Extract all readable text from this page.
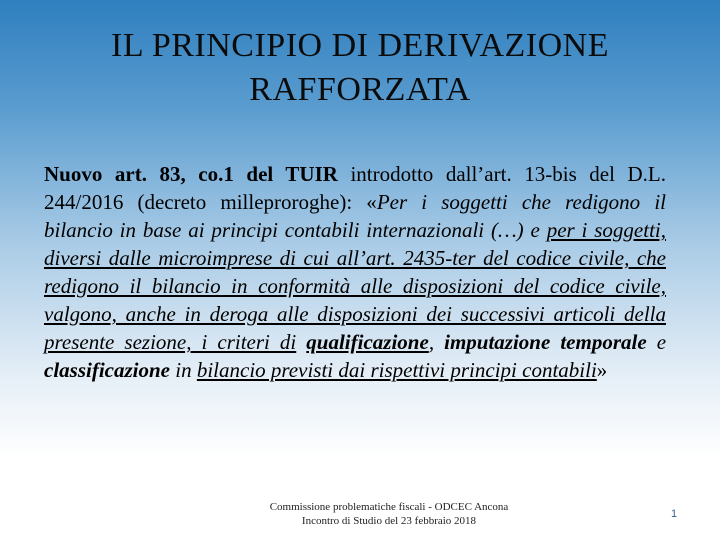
IL PRINCIPIO DI DERIVAZIONE
RAFFORZATA
Nuovo art. 83, co.1 del TUIR introdotto dall’art. 13-bis del D.L. 244/2016 (decreto milleproroghe): «Per i soggetti che redigono il bilancio in base ai principi contabili internazionali (…) e per i soggetti, diversi dalle microimprese di cui all’art. 2435-ter del codice civile, che redigono il bilancio in conformità alle disposizioni del codice civile, valgono, anche in deroga alle disposizioni dei successivi articoli della presente sezione, i criteri di qualificazione, imputazione temporale e classificazione in bilancio previsti dai rispettivi principi contabili»
Commissione problematiche fiscali - ODCEC Ancona
Incontro di Studio del 23 febbraio 2018
1
